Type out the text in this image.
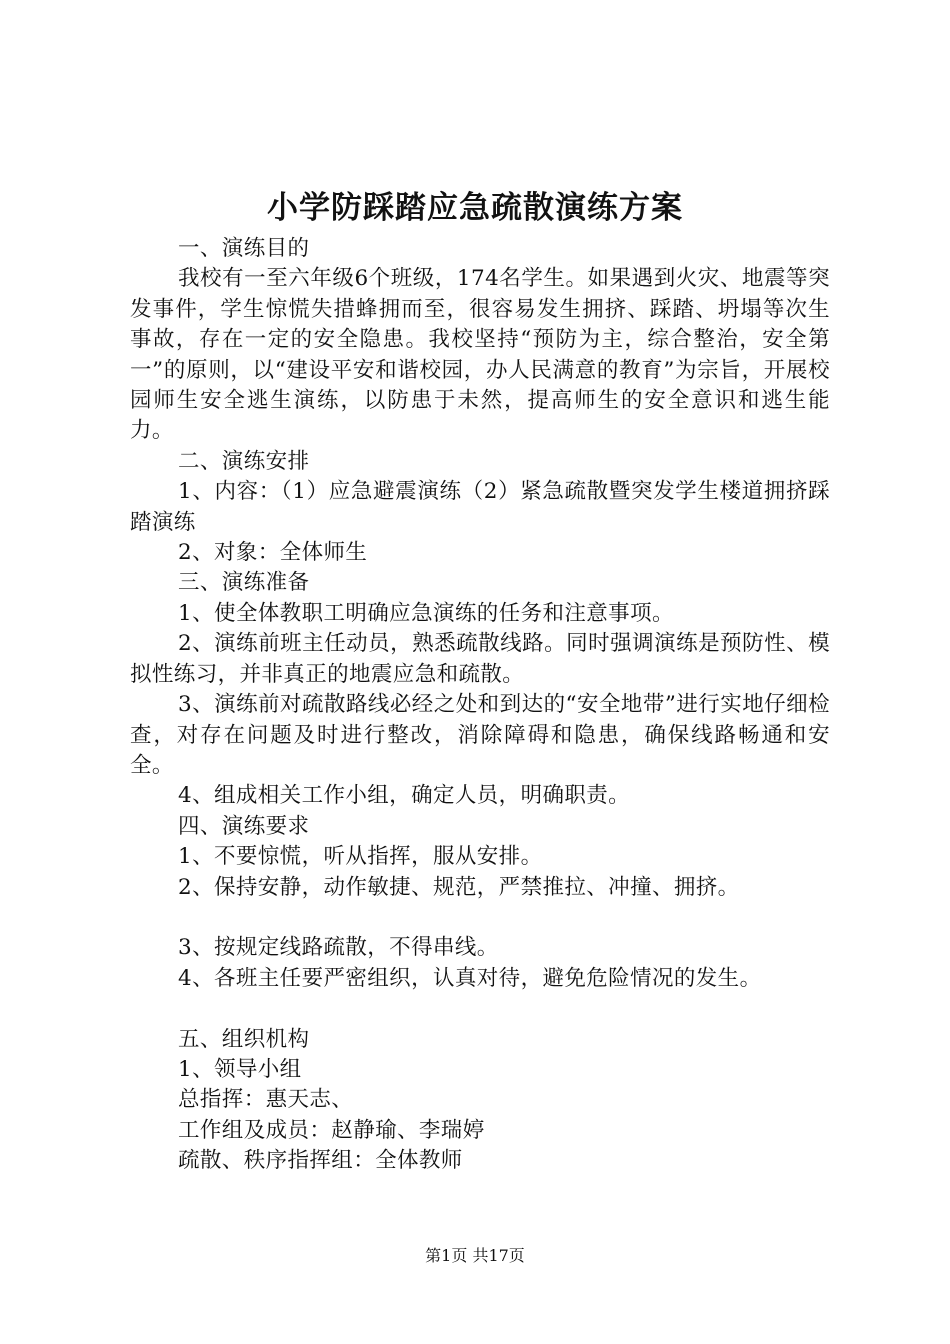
小学防踩踏应急疏散演练方案

一、演练目的

我校有一至六年级6个班级，174名学生。如果遇到火灾、地震等突发事件，学生惊慌失措蜂拥而至，很容易发生拥挤、踩踏、坍塌等次生事故，存在一定的安全隐患。我校坚持“预防为主，综合整治，安全第一”的原则，以“建设平安和谐校园，办人民满意的教育”为宗旨，开展校园师生安全逃生演练，以防患于未然，提高师生的安全意识和逃生能力。

二、演练安排

1、内容：（1）应急避震演练（2）紧急疏散暨突发学生楼道拥挤踩踏演练

2、对象：全体师生

三、演练准备

1、使全体教职工明确应急演练的任务和注意事项。

2、演练前班主任动员，熟悉疏散线路。同时强调演练是预防性、模拟性练习，并非真正的地震应急和疏散。

3、演练前对疏散路线必经之处和到达的“安全地带”进行实地仔细检查，对存在问题及时进行整改，消除障碍和隐患，确保线路畅通和安全。

4、组成相关工作小组，确定人员，明确职责。

四、演练要求

1、不要惊慌，听从指挥，服从安排。

2、保持安静，动作敏捷、规范，严禁推拉、冲撞、拥挤。

3、按规定线路疏散，不得串线。

4、各班主任要严密组织，认真对待，避免危险情况的发生。

五、组织机构

1、领导小组

总指挥：惠天志、

工作组及成员：赵静瑜、李瑞婷

疏散、秩序指挥组：全体教师

第1页 共17页
